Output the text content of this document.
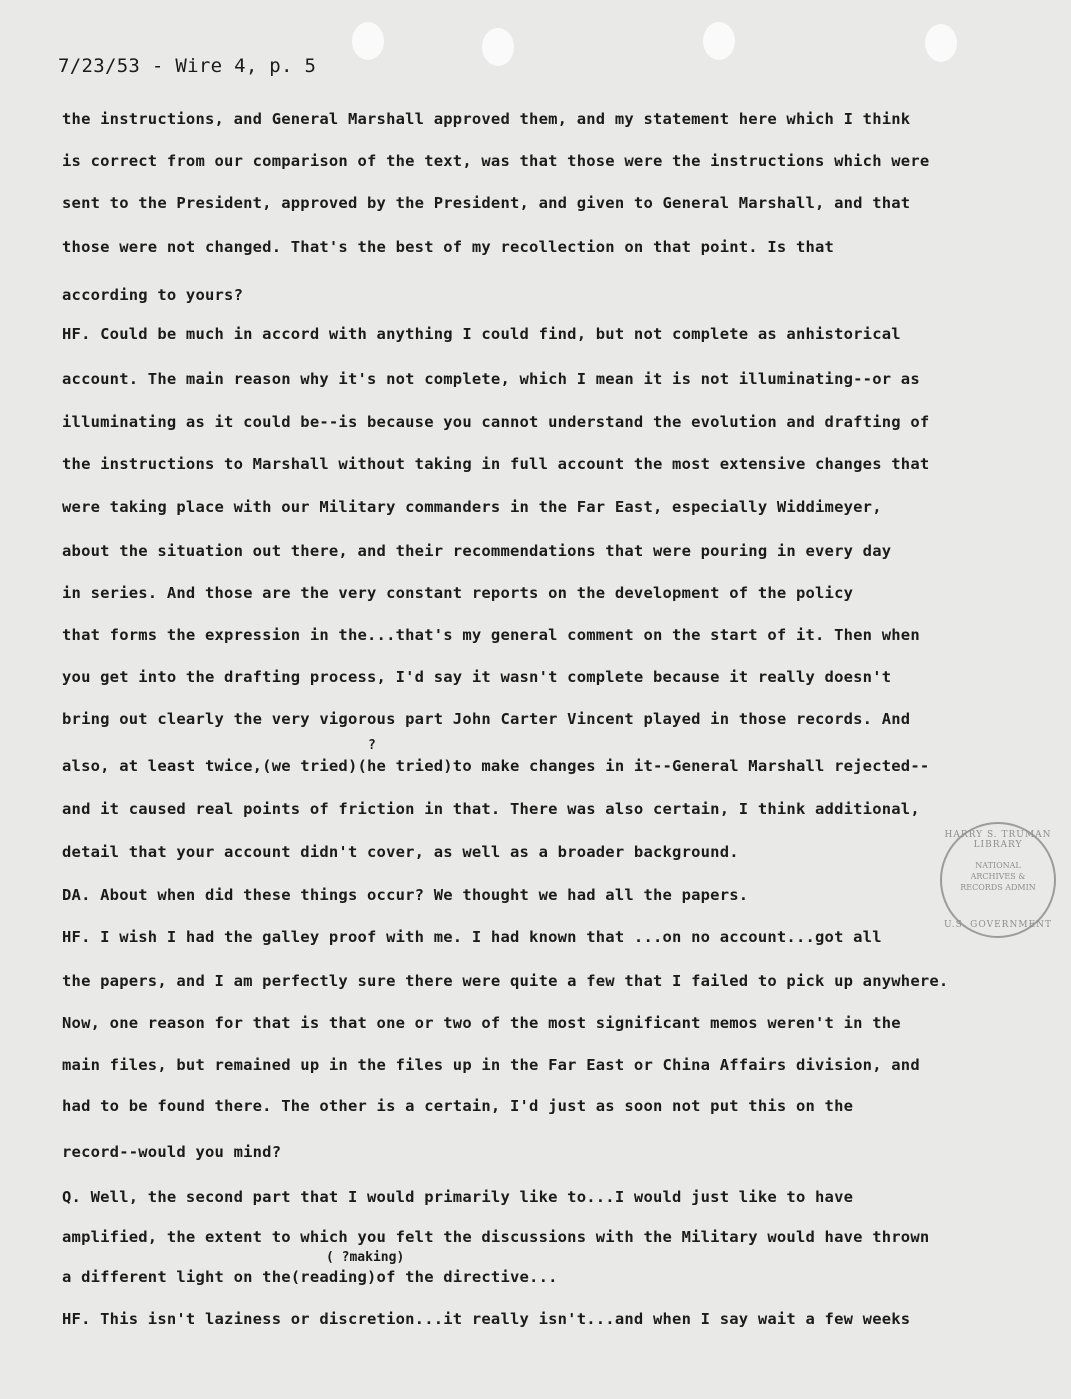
7/23/53 - Wire 4, p. 5
the instructions, and General Marshall approved them, and my statement here which I think
is correct from our comparison of the text, was that those were the instructions which were
sent to the President, approved by the President, and given to General Marshall, and that
those were not changed. That's the best of my recollection on that point. Is that
according to yours?
HF. Could be much in accord with anything I could find, but not complete as anhistorical
account. The main reason why it's not complete, which I mean it is not illuminating--or as
illuminating as it could be--is because you cannot understand the evolution and drafting of
the instructions to Marshall without taking in full account the most extensive changes that
were taking place with our Military commanders in the Far East, especially Widdimeyer,
about the situation out there, and their recommendations that were pouring in every day
in series. And those are the very constant reports on the development of the policy
that forms the expression in the...that's my general comment on the start of it. Then when
you get into the drafting process, I'd say it wasn't complete because it really doesn't
bring out clearly the very vigorous part John Carter Vincent played in those records. And
also, at least twice,(we tried)(he tried)to make changes in it--General Marshall rejected--
and it caused real points of friction in that. There was also certain, I think additional,
detail that your account didn't cover, as well as a broader background.
DA. About when did these things occur? We thought we had all the papers.
HF. I wish I had the galley proof with me. I had known that ...on no account...got all
the papers, and I am perfectly sure there were quite a few that I failed to pick up anywhere.
Now, one reason for that is that one or two of the most significant memos weren't in the
main files, but remained up in the files up in the Far East or China Affairs division, and
had to be found there. The other is a certain, I'd just as soon not put this on the
record--would you mind?
Q. Well, the second part that I would primarily like to...I would just like to have
amplified, the extent to which you felt the discussions with the Military would have thrown
a different light on the(reading)of the directive...
HF. This isn't laziness or discretion...it really isn't...and when I say wait a few weeks
?
( ?making)
HARRY S. TRUMAN LIBRARY
NATIONAL ARCHIVES & RECORDS ADMIN
U.S. GOVERNMENT
